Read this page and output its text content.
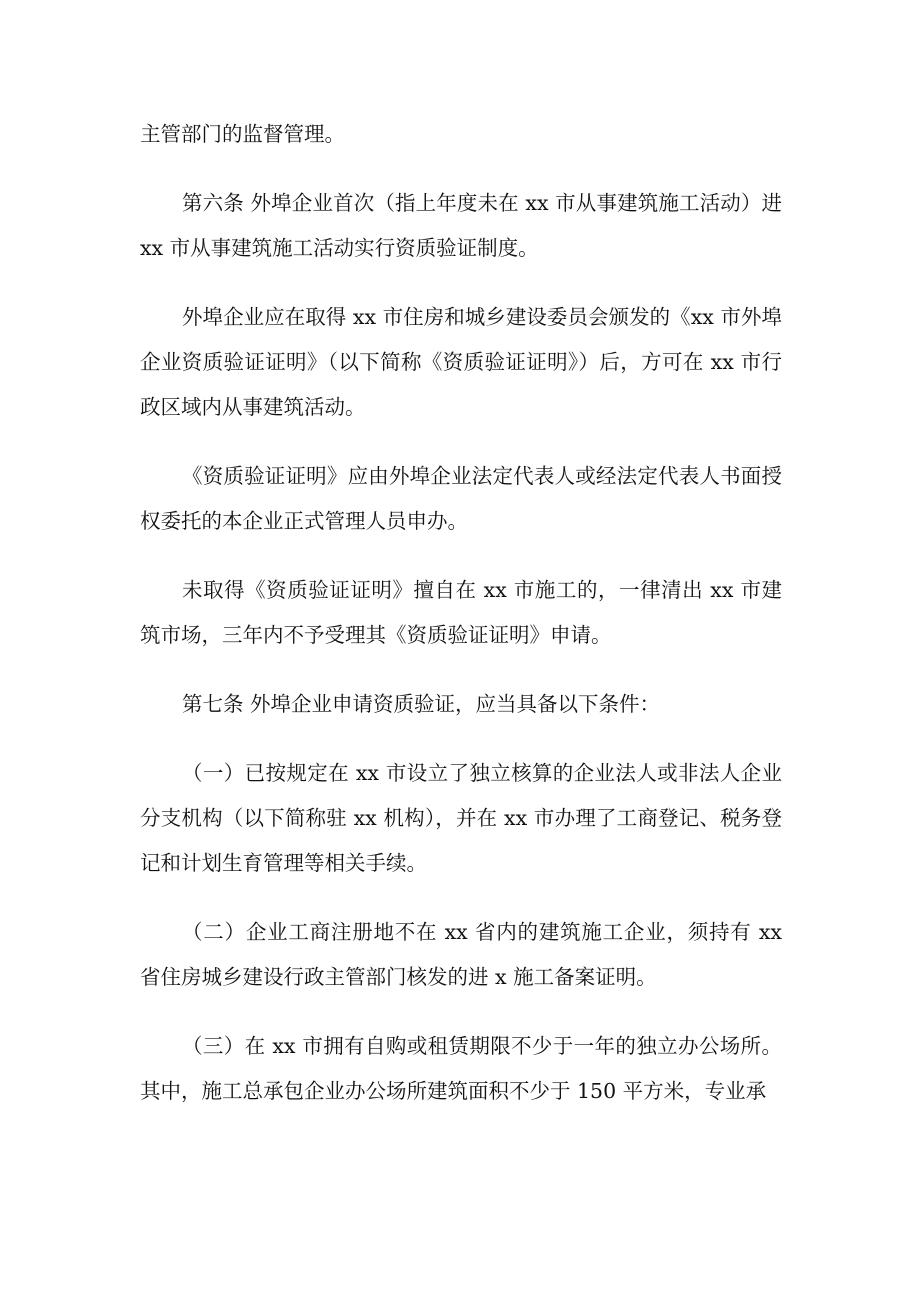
主管部门的监督管理。

第六条 外埠企业首次（指上年度未在 xx 市从事建筑施工活动）进 xx 市从事建筑施工活动实行资质验证制度。

外埠企业应在取得 xx 市住房和城乡建设委员会颁发的《xx 市外埠企业资质验证证明》（以下简称《资质验证证明》）后，方可在 xx 市行政区域内从事建筑活动。

《资质验证证明》应由外埠企业法定代表人或经法定代表人书面授权委托的本企业正式管理人员申办。

未取得《资质验证证明》擅自在 xx 市施工的，一律清出 xx 市建筑市场，三年内不予受理其《资质验证证明》申请。

第七条 外埠企业申请资质验证，应当具备以下条件：

（一）已按规定在 xx 市设立了独立核算的企业法人或非法人企业分支机构（以下简称驻 xx 机构），并在 xx 市办理了工商登记、税务登记和计划生育管理等相关手续。

（二）企业工商注册地不在 xx 省内的建筑施工企业，须持有 xx 省住房城乡建设行政主管部门核发的进 x 施工备案证明。

（三）在 xx 市拥有自购或租赁期限不少于一年的独立办公场所。其中，施工总承包企业办公场所建筑面积不少于 150 平方米，专业承
